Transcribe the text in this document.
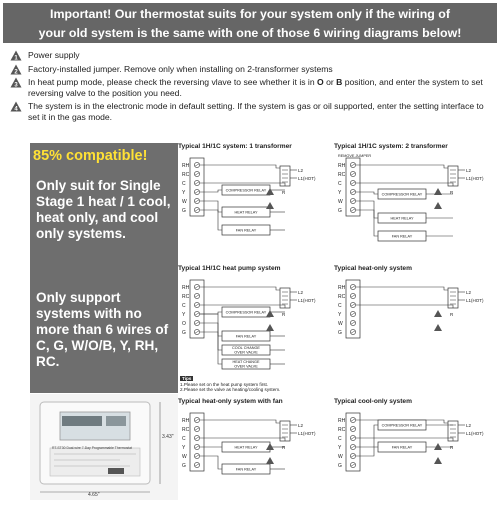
Important! Our thermostat suits for your system only if the wiring of
your old system is the same with one of those 6 wiring diagrams below!
1 Power supply
2 Factory-installed jumper. Remove only when installing on 2-transformer systems
3 In heat pump mode, please check the reversing vlave to see whether it is in O or B position, and enter the system to set reversing valve to the position you need.
4 The system is in the electronic mode in default setting. If the system is gas or oil supported, enter the setting interface to set it in the gas mode.
85% compatible!
Only suit for Single Stage 1 heat / 1 cool, heat only, and cool only systems.
Only support systems with no more than 6 wires of C, G, W/O/B, Y, RH, RC.
RT-ST30 Dual-wire 7-Day Programmable Thermostat
4.65"
3.43"
Typical 1H/1C system: 1 transformer	Typical 1H/1C system: 2 transformer
Typical 1H/1C heat pump system	Typical heat-only system
Typical heat-only system with fan	Typical cool-only system
RH
RC
C
Y
W
G
L2
L1(HOT)
R
COMPRESSOR RELAY
HEAT RELAY
FAN RELAY
RH
RC
C
Y
W
G
L2
L1(HOT)
R
REMOVE JUMPER
COMPRESSOR RELAY
HEAT RELAY
FAN RELAY
RH
RC
C
Y
O
G
L2
L1(HOT)
R
COMPRESSOR RELAY
FAN RELAY
COOL CHANGE
OVER VALVE
HEAT CHANGE
OVER VALVE
RH
RC
C
Y
W
G
L2
L1(HOT)
R
RH
RC
C
Y
W
G
L2
L1(HOT)
R
HEAT RELAY
FAN RELAY
RH
RC
C
Y
W
G
L2
L1(HOT)
R
COMPRESSOR RELAY
FAN RELAY
Tips
1.Please set on the heat pump system first.
2.Please set the valve as heating/cooling system.
